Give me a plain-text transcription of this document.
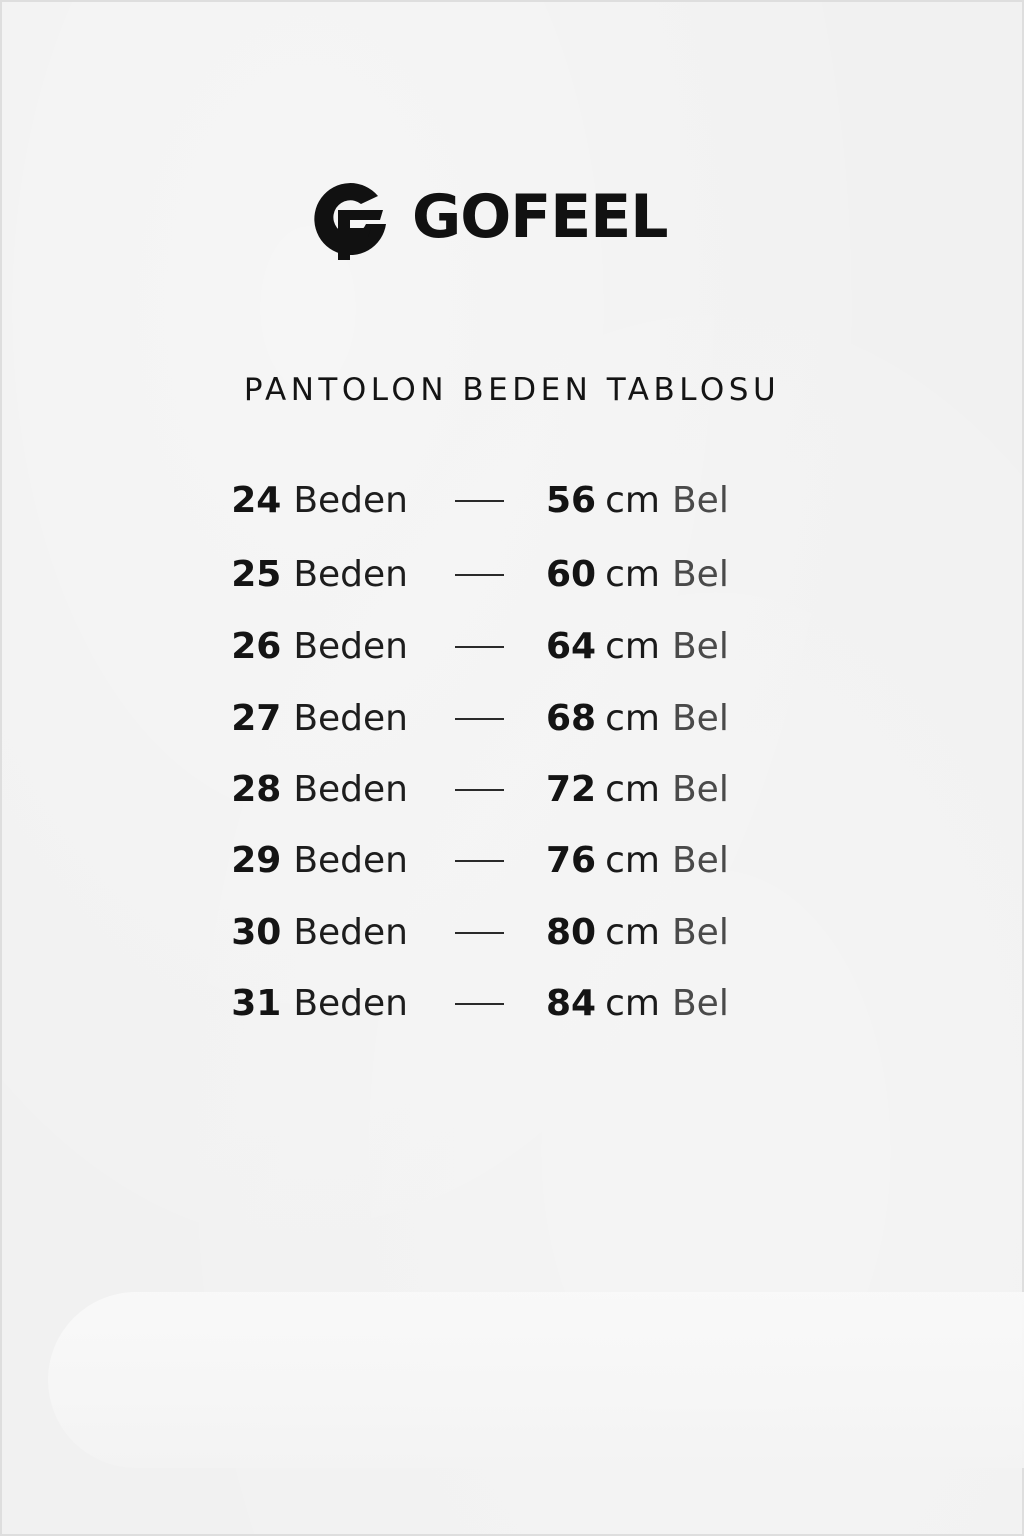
GOFEEL
PANTOLON BEDEN TABLOSU
24 Beden	56 cm Bel
25 Beden	60 cm Bel
26 Beden	64 cm Bel
27 Beden	68 cm Bel
28 Beden	72 cm Bel
29 Beden	76 cm Bel
30 Beden	80 cm Bel
31 Beden	84 cm Bel
